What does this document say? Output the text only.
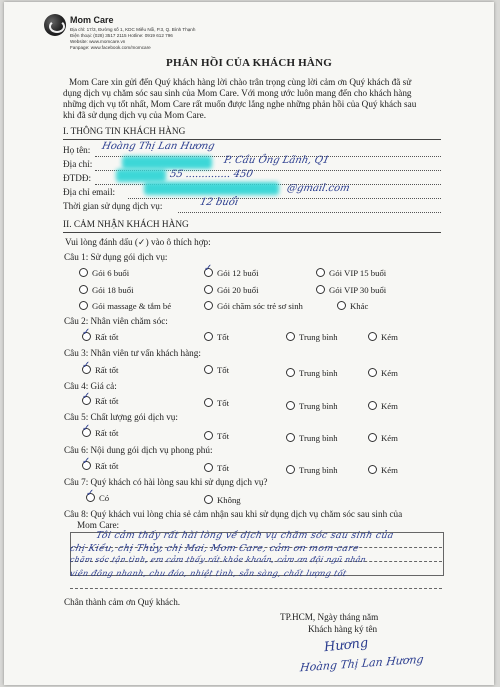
Mom Care
Địa chỉ: 17/3, Đường số 1, KDC Miếu Nổi, P.3, Q. Bình Thạnh
Điện thoại: (028) 3517 2115 Hotline: 0919 612 796
Website: www.momcare.vn
Fanpage: www.facebook.com/momcare
PHẢN HỒI CỦA KHÁCH HÀNG
Mom Care xin gửi đến Quý khách hàng lời chào trân trọng cùng lời cảm ơn Quý khách đã sử
dụng dịch vụ chăm sóc sau sinh của Mom Care. Với mong ước luôn mang đến cho khách hàng
những dịch vụ tốt nhất, Mom Care rất muốn được lắng nghe những phản hồi của Quý khách sau
khi đã sử dụng dịch vụ của Mom Care.
I. THÔNG TIN KHÁCH HÀNG
Họ tên: Hoàng Thị Lan Hương
Địa chỉ:	P. Cầu Ông Lãnh, Q1
ĐTDĐ:	55 .............. 450
Địa chỉ email:	@gmail.com
Thời gian sử dụng dịch vụ:	12 buổi
II. CẢM NHẬN KHÁCH HÀNG
Vui lòng đánh dấu (✓) vào ô thích hợp:
Câu 1: Sử dụng gói dịch vụ:
Gói 6 buổi
✓	Gói 12 buổi	Gói VIP 15 buổi
Gói 18 buổi	Gói 20 buổi	Gói VIP 30 buổi
Gói massage & tắm bé	Gói chăm sóc trẻ sơ sinh	Khác
Câu 2: Nhân viên chăm sóc:
✓Rất tốt	Tốt	Trung bình	Kém
Câu 3: Nhân viên tư vấn khách hàng:
✓Rất tốt	Tốt	Trung bình	Kém
Câu 4: Giá cả:
✓Rất tốt	Tốt	Trung bình	Kém
Câu 5: Chất lượng gói dịch vụ:
✓Rất tốt	Tốt	Trung bình	Kém
Câu 6: Nội dung gói dịch vụ phong phú:
✓Rất tốt	Tốt	Trung bình	Kém
Câu 7: Quý khách có hài lòng sau khi sử dụng dịch vụ?
✓Có	Không
Câu 8: Quý khách vui lòng chia sẻ cảm nhận sau khi sử dụng dịch vụ chăm sóc sau sinh của
Mom Care:
Tôi cảm thấy rất hài lòng về dịch vụ chăm sóc sau sinh của
chị Kiều, chị Thủy, chị Mai, Mom Care, cảm ơn mom care
chăm sóc tận tình, em cảm thấy rất khỏe khoắn, cảm ơn đội ngũ nhân
viên đông nhanh, chu đáo, nhiệt tình, sẵn sàng, chất lượng tốt
Chân thành cảm ơn Quý khách.
TP.HCM, Ngày tháng năm
Khách hàng ký tên
Hương
Hoàng Thị Lan Hương
